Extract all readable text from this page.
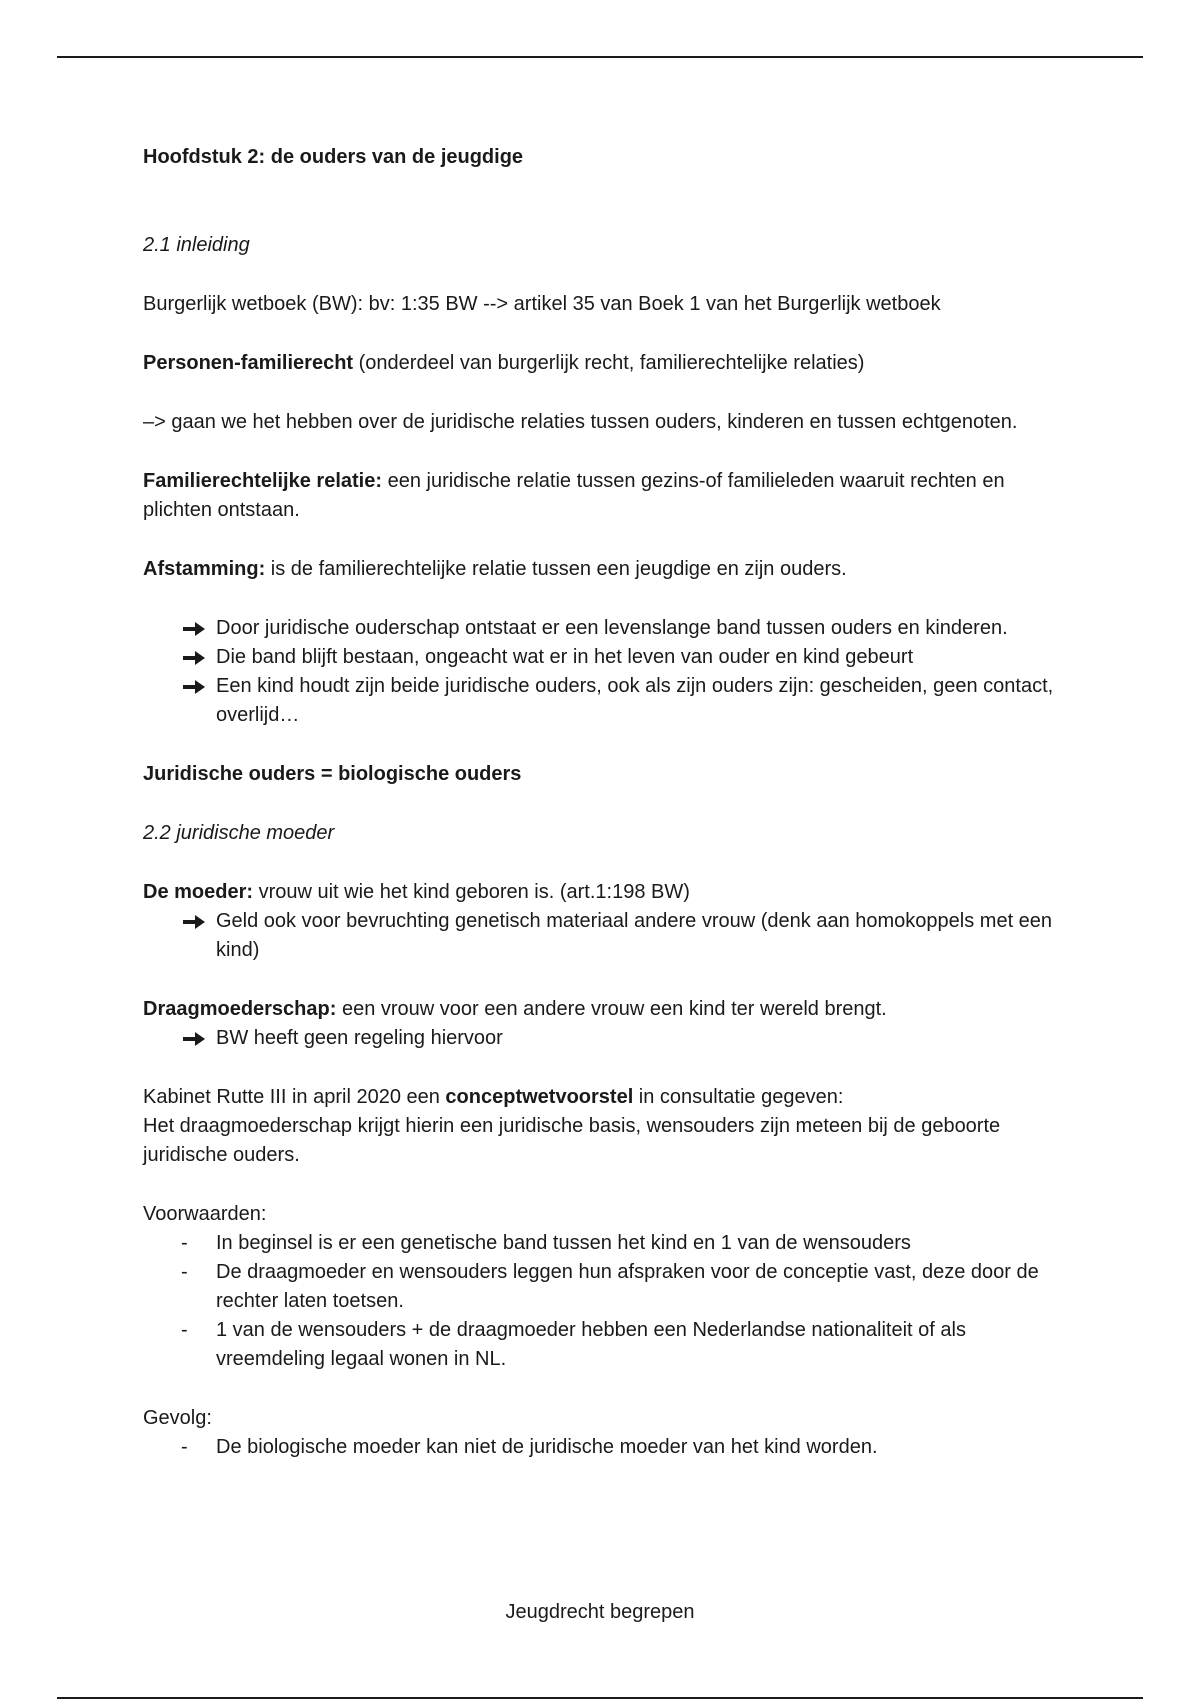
Hoofdstuk 2: de ouders van de jeugdige

2.1 inleiding

Burgerlijk wetboek (BW): bv: 1:35 BW --> artikel 35 van Boek 1 van het Burgerlijk wetboek

Personen-familierecht (onderdeel van burgerlijk recht, familierechtelijke relaties)

–> gaan we het hebben over de juridische relaties tussen ouders, kinderen en tussen echtgenoten.

Familierechtelijke relatie: een juridische relatie tussen gezins-of familieleden waaruit rechten en plichten ontstaan.

Afstamming: is de familierechtelijke relatie tussen een jeugdige en zijn ouders.

Door juridische ouderschap ontstaat er een levenslange band tussen ouders en kinderen.
Die band blijft bestaan, ongeacht wat er in het leven van ouder en kind gebeurt
Een kind houdt zijn beide juridische ouders, ook als zijn ouders zijn: gescheiden, geen contact, overlijd…

Juridische ouders = biologische ouders

2.2 juridische moeder

De moeder: vrouw uit wie het kind geboren is. (art.1:198 BW)

Geld ook voor bevruchting genetisch materiaal andere vrouw (denk aan homokoppels met een kind)

Draagmoederschap: een vrouw voor een andere vrouw een kind ter wereld brengt.

BW heeft geen regeling hiervoor

Kabinet Rutte III in april 2020 een conceptwetvoorstel in consultatie gegeven:

Het draagmoederschap krijgt hierin een juridische basis, wensouders zijn meteen bij de geboorte juridische ouders.

Voorwaarden:

-	In beginsel is er een genetische band tussen het kind en 1 van de wensouders
-	De draagmoeder en wensouders leggen hun afspraken voor de conceptie vast, deze door de rechter laten toetsen.
-	1 van de wensouders + de draagmoeder hebben een Nederlandse nationaliteit of als vreemdeling legaal wonen in NL.

Gevolg:

-	De biologische moeder kan niet de juridische moeder van het kind worden.
Jeugdrecht begrepen
